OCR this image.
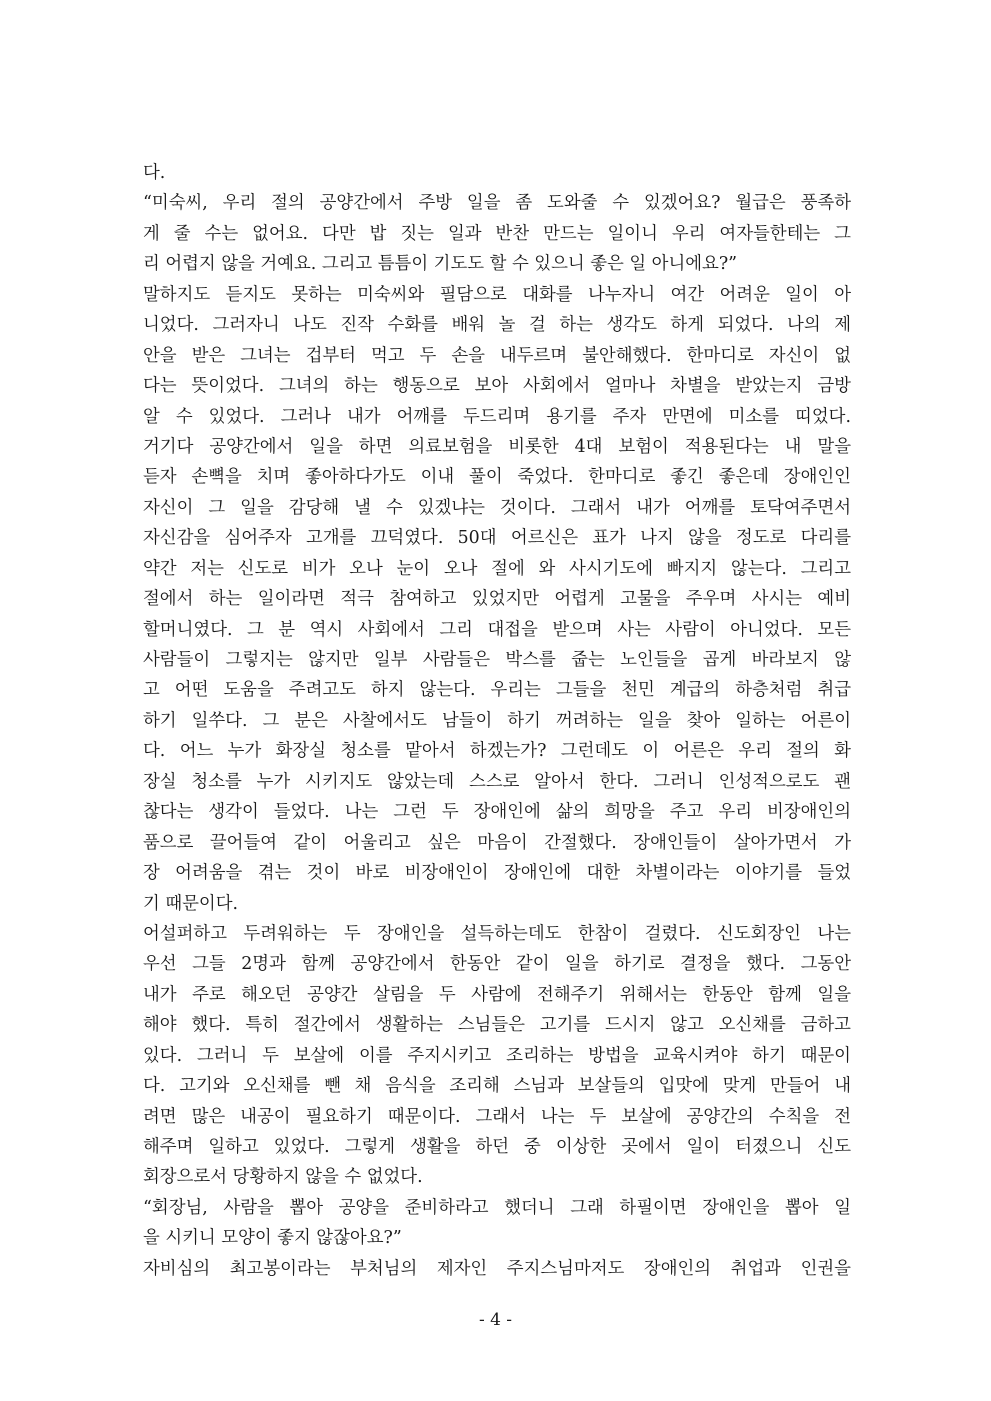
다.
“미숙씨, 우리 절의 공양간에서 주방 일을 좀 도와줄 수 있겠어요? 월급은 풍족하
게 줄 수는 없어요. 다만 밥 짓는 일과 반찬 만드는 일이니 우리 여자들한테는 그
리 어렵지 않을 거예요. 그리고 틈틈이 기도도 할 수 있으니 좋은 일 아니에요?”
말하지도 듣지도 못하는 미숙씨와 필담으로 대화를 나누자니 여간 어려운 일이 아
니었다. 그러자니 나도 진작 수화를 배워 놀 걸 하는 생각도 하게 되었다. 나의 제
안을 받은 그녀는 겁부터 먹고 두 손을 내두르며 불안해했다. 한마디로 자신이 없
다는 뜻이었다. 그녀의 하는 행동으로 보아 사회에서 얼마나 차별을 받았는지 금방
알 수 있었다. 그러나 내가 어깨를 두드리며 용기를 주자 만면에 미소를 띠었다.
거기다 공양간에서 일을 하면 의료보험을 비롯한 4대 보험이 적용된다는 내 말을
듣자 손뼉을 치며 좋아하다가도 이내 풀이 죽었다. 한마디로 좋긴 좋은데 장애인인
자신이 그 일을 감당해 낼 수 있겠냐는 것이다. 그래서 내가 어깨를 토닥여주면서
자신감을 심어주자 고개를 끄덕였다. 50대 어르신은 표가 나지 않을 정도로 다리를
약간 저는 신도로 비가 오나 눈이 오나 절에 와 사시기도에 빠지지 않는다. 그리고
절에서 하는 일이라면 적극 참여하고 있었지만 어렵게 고물을 주우며 사시는 예비
할머니였다. 그 분 역시 사회에서 그리 대접을 받으며 사는 사람이 아니었다. 모든
사람들이 그렇지는 않지만 일부 사람들은 박스를 줍는 노인들을 곱게 바라보지 않
고 어떤 도움을 주려고도 하지 않는다. 우리는 그들을 천민 계급의 하층처럼 취급
하기 일쑤다. 그 분은 사찰에서도 남들이 하기 꺼려하는 일을 찾아 일하는 어른이
다. 어느 누가 화장실 청소를 맡아서 하겠는가? 그런데도 이 어른은 우리 절의 화
장실 청소를 누가 시키지도 않았는데 스스로 알아서 한다. 그러니 인성적으로도 괜
찮다는 생각이 들었다. 나는 그런 두 장애인에 삶의 희망을 주고 우리 비장애인의
품으로 끌어들여 같이 어울리고 싶은 마음이 간절했다. 장애인들이 살아가면서 가
장 어려움을 겪는 것이 바로 비장애인이 장애인에 대한 차별이라는 이야기를 들었
기 때문이다.
어설퍼하고 두려워하는 두 장애인을 설득하는데도 한참이 걸렸다. 신도회장인 나는
우선 그들 2명과 함께 공양간에서 한동안 같이 일을 하기로 결정을 했다. 그동안
내가 주로 해오던 공양간 살림을 두 사람에 전해주기 위해서는 한동안 함께 일을
해야 했다. 특히 절간에서 생활하는 스님들은 고기를 드시지 않고 오신채를 금하고
있다. 그러니 두 보살에 이를 주지시키고 조리하는 방법을 교육시켜야 하기 때문이
다. 고기와 오신채를 뺀 채 음식을 조리해 스님과 보살들의 입맛에 맞게 만들어 내
려면 많은 내공이 필요하기 때문이다. 그래서 나는 두 보살에 공양간의 수칙을 전
해주며 일하고 있었다. 그렇게 생활을 하던 중 이상한 곳에서 일이 터졌으니 신도
회장으로서 당황하지 않을 수 없었다.
“회장님, 사람을 뽑아 공양을 준비하라고 했더니 그래 하필이면 장애인을 뽑아 일
을 시키니 모양이 좋지 않잖아요?”
자비심의 최고봉이라는 부처님의 제자인 주지스님마저도 장애인의 취업과 인권을
- 4 -
